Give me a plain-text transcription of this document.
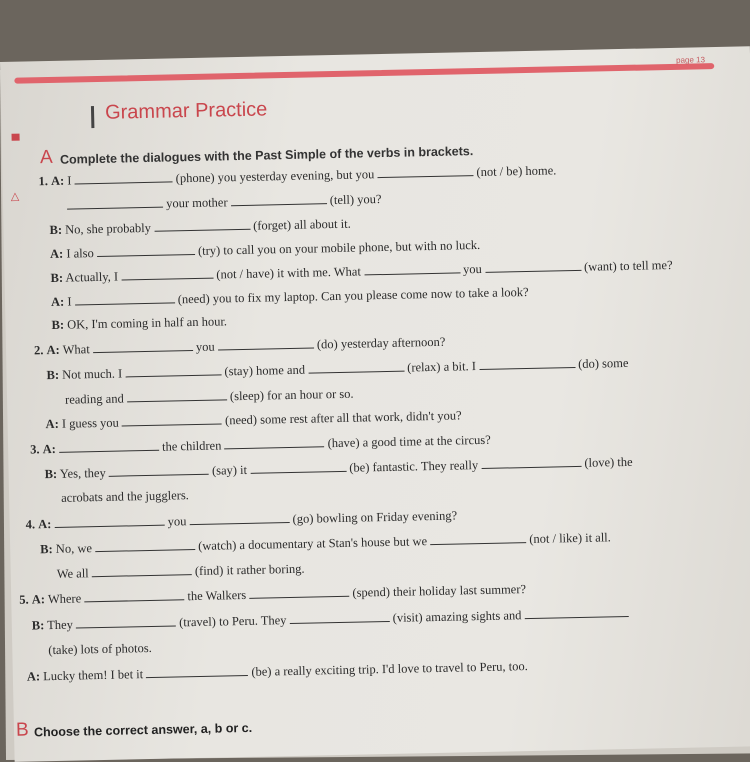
page 13
Grammar Practice
A Complete the dialogues with the Past Simple of the verbs in brackets.
△
1. A: I	(phone) you yesterday evening, but you	(not / be) home.
your mother	(tell) you?
B: No, she probably	(forget) all about it.
A: I also	(try) to call you on your mobile phone, but with no luck.
B: Actually, I	(not / have) it with me. What	you	(want) to tell me?
A: I	(need) you to fix my laptop. Can you please come now to take a look?
B: OK, I'm coming in half an hour.
2. A: What	you	(do) yesterday afternoon?
B: Not much. I	(stay) home and	(relax) a bit. I	(do) some
reading and	(sleep) for an hour or so.
A: I guess you	(need) some rest after all that work, didn't you?
3. A:	the children	(have) a good time at the circus?
B: Yes, they	(say) it	(be) fantastic. They really	(love) the
acrobats and the jugglers.
4. A:	you	(go) bowling on Friday evening?
B: No, we	(watch) a documentary at Stan's house but we	(not / like) it all.
We all	(find) it rather boring.
5. A: Where	the Walkers	(spend) their holiday last summer?
B: They	(travel) to Peru. They	(visit) amazing sights and
(take) lots of photos.
A: Lucky them! I bet it	(be) a really exciting trip. I'd love to travel to Peru, too.
B Choose the correct answer, a, b or c.
